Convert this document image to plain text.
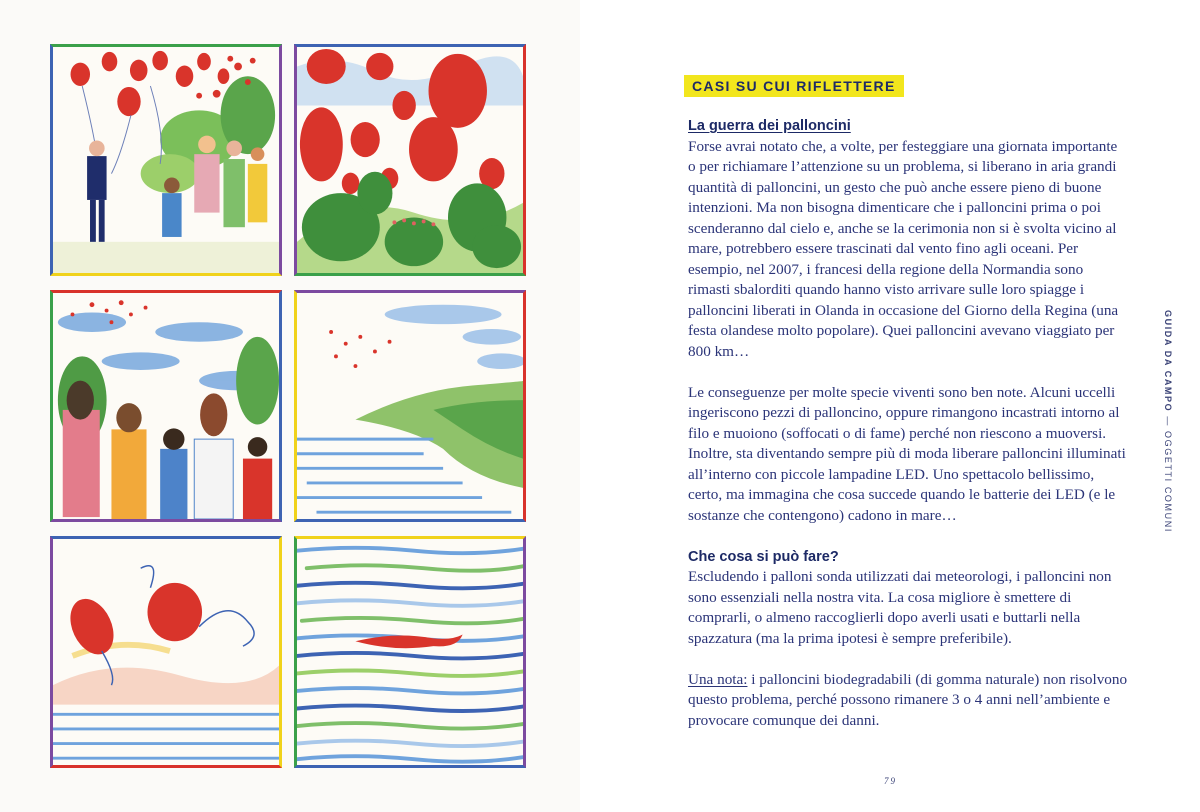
CASI SU CUI RIFLETTERE
La guerra dei palloncini

Forse avrai notato che, a volte, per festeggiare una giornata importante o per richiamare l’attenzione su un problema, si liberano in aria grandi quantità di palloncini, un gesto che può anche essere pieno di buone intenzioni. Ma non bisogna dimenticare che i palloncini prima o poi scenderanno dal cielo e, anche se la cerimonia non si è svolta vicino al mare, potrebbero essere trascinati dal vento fino agli oceani. Per esempio, nel 2007, i francesi della regione della Normandia sono rimasti sbalorditi quando hanno visto arrivare sulle loro spiagge i palloncini liberati in Olanda in occasione del Giorno della Regina (una festa olandese molto popolare). Quei palloncini avevano viaggiato per 800 km…

Le conseguenze per molte specie viventi sono ben note. Alcuni uccelli ingeriscono pezzi di palloncino, oppure rimangono incastrati intorno al filo e muoiono (soffocati o di fame) perché non riescono a muoversi. Inoltre, sta diventando sempre più di moda liberare palloncini illuminati all’interno con piccole lampadine LED. Uno spettacolo bellissimo, certo, ma immagina che cosa succede quando le batterie dei LED (e le sostanze che contengono) cadono in mare…

Che cosa si può fare?

Escludendo i palloni sonda utilizzati dai meteorologi, i palloncini non sono essenziali nella nostra vita. La cosa migliore è smettere di comprarli, o almeno raccoglierli dopo averli usati e buttarli nella spazzatura (ma la prima ipotesi è sempre preferibile).

Una nota: i palloncini biodegradabili (di gomma naturale) non risolvono questo problema, perché possono rimanere 3 o 4 anni nell’ambiente e provocare comunque dei danni.

GUIDA DA CAMPO — OGGETTI COMUNI
79
